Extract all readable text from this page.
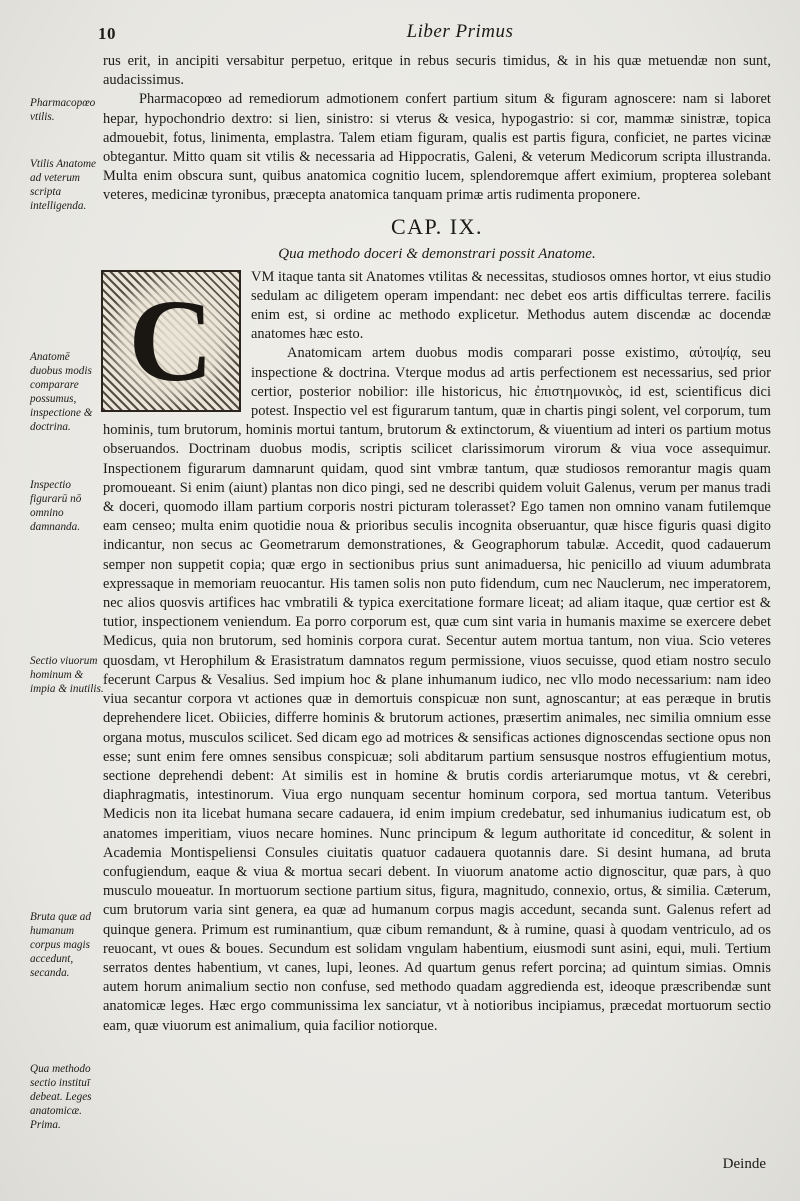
10	Liber Primus
Pharmacopœo vtilis.
Vtilis Anatome ad veterum scripta intelligenda.
Anatomē duobus modis comparare possumus, inspectione & doctrina.
Inspectio figurarū nō omnino damnanda.
Sectio viuorum hominum & impia & inutilis.
Bruta quæ ad humanum corpus magis accedunt, secanda.
Qua methodo sectio instituī debeat. Leges anatomicæ. Prima.

rus erit, in ancipiti versabitur perpetuo, eritque in rebus securis timidus, & in his quæ metuendæ non sunt, audacissimus.

Pharmacopœo ad remediorum admotionem confert partium situm & figuram agnoscere: nam si laboret hepar, hypochondrio dextro: si lien, sinistro: si vterus & vesica, hypogastrio: si cor, mammæ sinistræ, topica admouebit, fotus, linimenta, emplastra. Talem etiam figuram, qualis est partis figura, conficiet, ne partes vicinæ obtegantur. Mitto quam sit vtilis & necessaria ad Hippocratis, Galeni, & veterum Medicorum scripta illustranda. Multa enim obscura sunt, quibus anatomica cognitio lucem, splendoremque affert eximium, propterea solebant veteres, medicinæ tyronibus, præcepta anatomica tanquam primæ artis rudimenta proponere.

CAP. IX.
Qua methodo doceri & demonstrari possit Anatome.
C	VM itaque tanta sit Anatomes vtilitas & necessitas, studiosos omnes hortor, vt eius studio sedulam ac diligetem operam impendant: nec debet eos artis difficultas terrere. facilis enim est, si ordine ac methodo explicetur. Methodus autem discendæ ac docendæ anatomes hæc esto.

Anatomicam artem duobus modis comparari posse existimo, αὐτοψίᾳ, seu inspectione & doctrina. Vterque modus ad artis perfectionem est necessarius, sed prior certior, posterior nobilior: ille historicus, hic ἐπιστημονικὸς, id est, scientificus dici potest. Inspectio vel est figurarum tantum, quæ in chartis pingi solent, vel corporum, tum hominis, tum brutorum, hominis mortui tantum, brutorum & extinctorum, & viuentium ad interi os partium motus obseruandos. Doctrinam duobus modis, scriptis scilicet clarissimorum virorum & viua voce assequimur. Inspectionem figurarum damnarunt quidam, quod sint vmbræ tantum, quæ studiosos remorantur magis quam promoueant. Si enim (aiunt) plantas non dico pingi, sed ne describi quidem voluit Galenus, verum per manus tradi & doceri, quomodo illam partium corporis nostri picturam tolerasset? Ego tamen non omnino vanam futilemque eam censeo; multa enim quotidie noua & prioribus seculis incognita obseruantur, quæ hisce figuris quasi digito indicantur, non secus ac Geometrarum demonstrationes, & Geographorum tabulæ. Accedit, quod cadauerum semper non suppetit copia; quæ ergo in sectionibus prius sunt animaduersa, hic penicillo ad viuum adumbrata expressaque in memoriam reuocantur. His tamen solis non puto fidendum, cum nec Nauclerum, nec imperatorem, nec alios quosvis artifices hac vmbratili & typica exercitatione formare liceat; ad aliam itaque, quæ certior est & tutior, inspectionem veniendum. Ea porro corporum est, quæ cum sint varia in humanis maxime se exercere debet Medicus, quia non brutorum, sed hominis corpora curat. Secentur autem mortua tantum, non viua. Scio veteres quosdam, vt Herophilum & Erasistratum damnatos regum permissione, viuos secuisse, quod etiam nostro seculo fecerunt Carpus & Vesalius. Sed impium hoc & plane inhumanum iudico, nec vllo modo necessarium: nam ideo viua secantur corpora vt actiones quæ in demortuis conspicuæ non sunt, agnoscantur; at eas peræque in brutis deprehendere licet. Obiicies, differre hominis & brutorum actiones, præsertim animales, nec similia omnium esse organa motus, musculos scilicet. Sed dicam ego ad motrices & sensificas actiones dignoscendas sectione opus non esse; sunt enim fere omnes sensibus conspicuæ; soli abditarum partium sensusque nostros effugientium motus, sectione deprehendi debent: At similis est in homine & brutis cordis arteriarumque motus, vt & cerebri, diaphragmatis, intestinorum. Viua ergo nunquam secentur hominum corpora, sed mortua tantum. Veteribus Medicis non ita licebat humana secare cadauera, id enim impium credebatur, sed inhumanius iudicatum est, ob anatomes imperitiam, viuos necare homines. Nunc principum & legum authoritate id conceditur, & solent in Academia Montispeliensi Consules ciuitatis quatuor cadauera quotannis dare. Si desint humana, ad bruta confugiendum, eaque & viua & mortua secari debent. In viuorum anatome actio dignoscitur, quæ pars, à quo musculo moueatur. In mortuorum sectione partium situs, figura, magnitudo, connexio, ortus, & similia. Cæterum, cum brutorum varia sint genera, ea quæ ad humanum corpus magis accedunt, secanda sunt. Galenus refert ad quinque genera. Primum est ruminantium, quæ cibum remandunt, & à rumine, quasi à quodam ventriculo, ad os reuocant, vt oues & boues. Secundum est solidam vngulam habentium, eiusmodi sunt asini, equi, muli. Tertium serratos dentes habentium, vt canes, lupi, leones. Ad quartum genus refert porcina; ad quintum simias. Omnis autem horum animalium sectio non confuse, sed methodo quadam aggredienda est, ideoque præscribendæ sunt anatomicæ leges. Hæc ergo communissima lex sanciatur, vt à notioribus incipiamus, præcedat mortuorum sectio eam, quæ viuorum est animalium, quia facilior notiorque.

Deinde
